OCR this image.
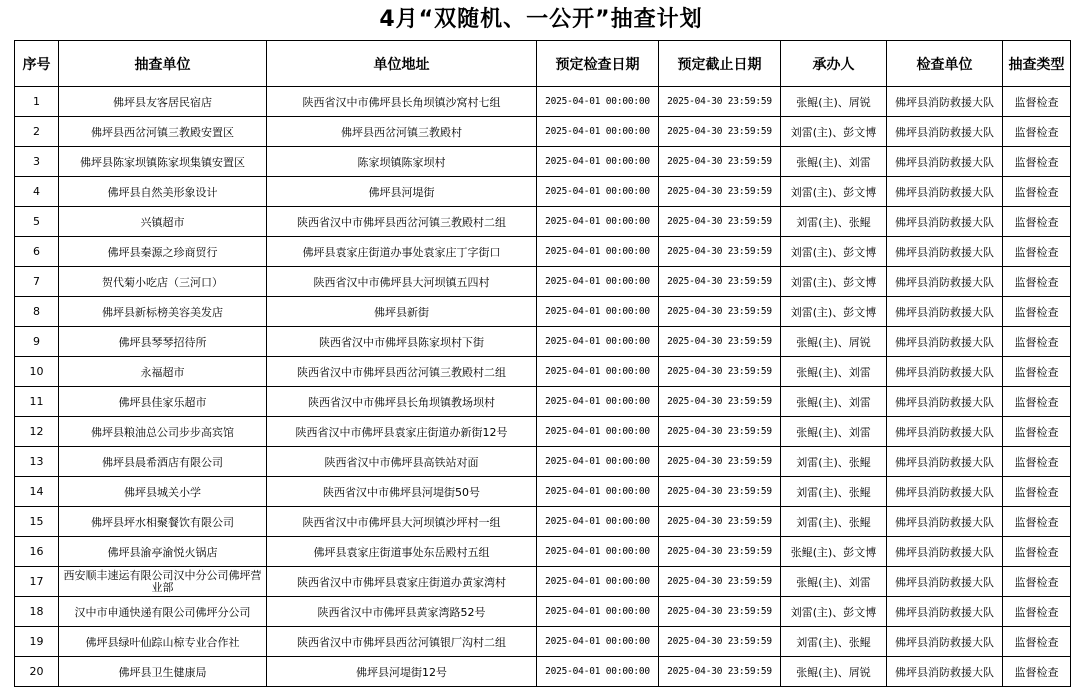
4月“双随机、一公开”抽查计划
序号	抽查单位	单位地址	预定检查日期	预定截止日期	承办人	检查单位	抽查类型
1	佛坪县友客居民宿店	陕西省汉中市佛坪县长角坝镇沙窝村七组	2025-04-01 00:00:00	2025-04-30 23:59:59	张鲲(主)、屑锐	佛坪县消防救援大队	监督检查
2	佛坪县西岔河镇三教殿安置区	佛坪县西岔河镇三教殿村	2025-04-01 00:00:00	2025-04-30 23:59:59	刘雷(主)、彭文博	佛坪县消防救援大队	监督检查
3	佛坪县陈家坝镇陈家坝集镇安置区	陈家坝镇陈家坝村	2025-04-01 00:00:00	2025-04-30 23:59:59	张鲲(主)、刘雷	佛坪县消防救援大队	监督检查
4	佛坪县自然美形象设计	佛坪县河堤街	2025-04-01 00:00:00	2025-04-30 23:59:59	刘雷(主)、彭文博	佛坪县消防救援大队	监督检查
5	兴镇超市	陕西省汉中市佛坪县西岔河镇三教殿村二组	2025-04-01 00:00:00	2025-04-30 23:59:59	刘雷(主)、张鲲	佛坪县消防救援大队	监督检查
6	佛坪县秦源之珍商贸行	佛坪县袁家庄街道办事处袁家庄丁字街口	2025-04-01 00:00:00	2025-04-30 23:59:59	刘雷(主)、彭文博	佛坪县消防救援大队	监督检查
7	贺代菊小吃店（三河口）	陕西省汉中市佛坪县大河坝镇五四村	2025-04-01 00:00:00	2025-04-30 23:59:59	刘雷(主)、彭文博	佛坪县消防救援大队	监督检查
8	佛坪县新标榜美容美发店	佛坪县新街	2025-04-01 00:00:00	2025-04-30 23:59:59	刘雷(主)、彭文博	佛坪县消防救援大队	监督检查
9	佛坪县琴琴招待所	陕西省汉中市佛坪县陈家坝村下街	2025-04-01 00:00:00	2025-04-30 23:59:59	张鲲(主)、屑锐	佛坪县消防救援大队	监督检查
10	永福超市	陕西省汉中市佛坪县西岔河镇三教殿村二组	2025-04-01 00:00:00	2025-04-30 23:59:59	张鲲(主)、刘雷	佛坪县消防救援大队	监督检查
11	佛坪县佳家乐超市	陕西省汉中市佛坪县长角坝镇教场坝村	2025-04-01 00:00:00	2025-04-30 23:59:59	张鲲(主)、刘雷	佛坪县消防救援大队	监督检查
12	佛坪县粮油总公司步步高宾馆	陕西省汉中市佛坪县袁家庄街道办新街12号	2025-04-01 00:00:00	2025-04-30 23:59:59	张鲲(主)、刘雷	佛坪县消防救援大队	监督检查
13	佛坪县晨希酒店有限公司	陕西省汉中市佛坪县高铁站对面	2025-04-01 00:00:00	2025-04-30 23:59:59	刘雷(主)、张鲲	佛坪县消防救援大队	监督检查
14	佛坪县城关小学	陕西省汉中市佛坪县河堤街50号	2025-04-01 00:00:00	2025-04-30 23:59:59	刘雷(主)、张鲲	佛坪县消防救援大队	监督检查
15	佛坪县坪水相聚餐饮有限公司	陕西省汉中市佛坪县大河坝镇沙坪村一组	2025-04-01 00:00:00	2025-04-30 23:59:59	刘雷(主)、张鲲	佛坪县消防救援大队	监督检查
16	佛坪县渝亭渝悦火锅店	佛坪县袁家庄街道事处东岳殿村五组	2025-04-01 00:00:00	2025-04-30 23:59:59	张鲲(主)、彭文博	佛坪县消防救援大队	监督检查
17	西安顺丰速运有限公司汉中分公司佛坪营业部	陕西省汉中市佛坪县袁家庄街道办黄家湾村	2025-04-01 00:00:00	2025-04-30 23:59:59	张鲲(主)、刘雷	佛坪县消防救援大队	监督检查
18	汉中市申通快递有限公司佛坪分公司	陕西省汉中市佛坪县黄家湾路52号	2025-04-01 00:00:00	2025-04-30 23:59:59	刘雷(主)、彭文博	佛坪县消防救援大队	监督检查
19	佛坪县绿叶仙踪山椋专业合作社	陕西省汉中市佛坪县西岔河镇银厂沟村二组	2025-04-01 00:00:00	2025-04-30 23:59:59	刘雷(主)、张鲲	佛坪县消防救援大队	监督检查
20	佛坪县卫生健康局	佛坪县河堤街12号	2025-04-01 00:00:00	2025-04-30 23:59:59	张鲲(主)、屑锐	佛坪县消防救援大队	监督检查
